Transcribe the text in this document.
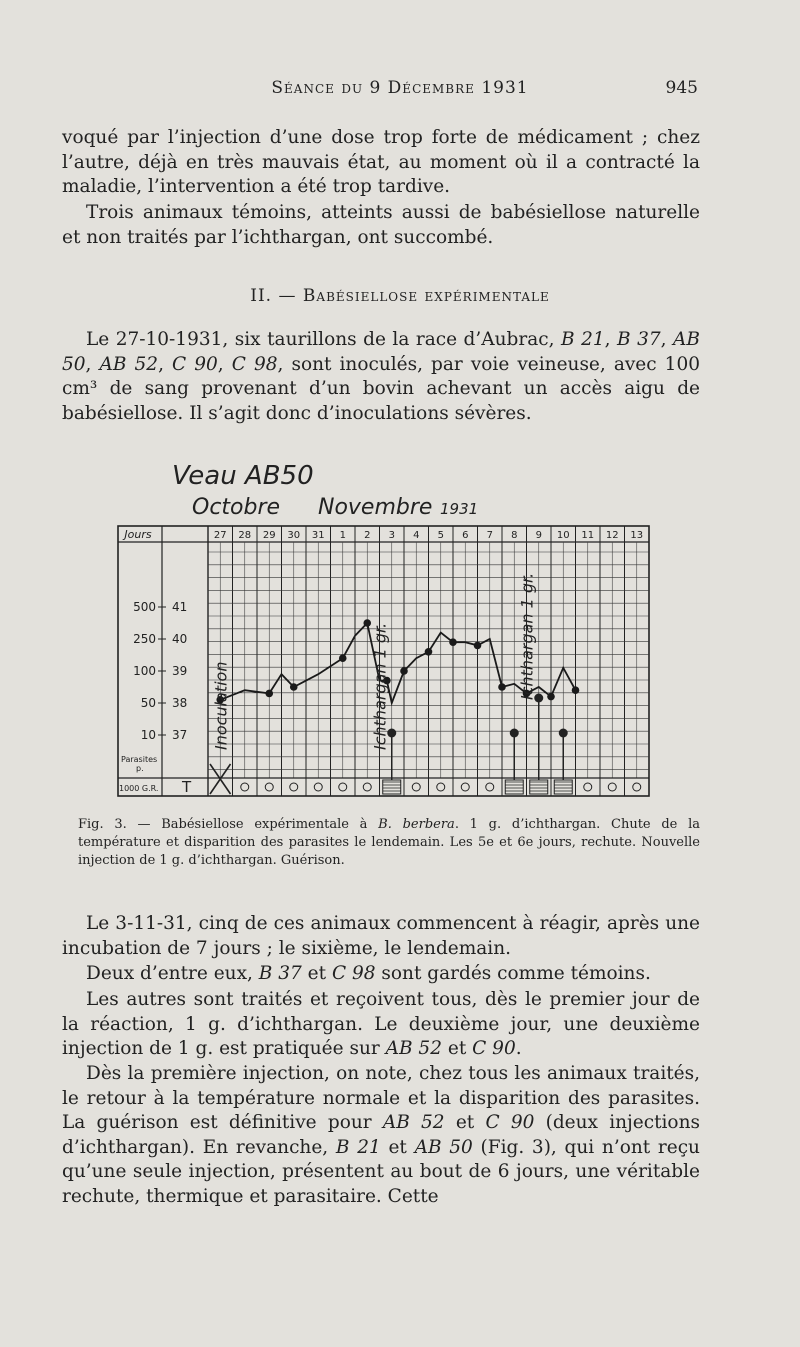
Séance du 9 Décembre 1931	945

voqué par l’injection d’une dose trop forte de médicament ; chez l’autre, déjà en très mauvais état, au moment où il a contracté la maladie, l’intervention a été trop tardive.

Trois animaux témoins, atteints aussi de babésiellose naturelle et non traités par l’ichthargan, ont succombé.

II. — Babésiellose expérimentale

Le 27-10-1931, six taurillons de la race d’Aubrac, B 21, B 37, AB 50, AB 52, C 90, C 98, sont inoculés, par voie veineuse, avec 100 cm³ de sang provenant d’un bovin achevant un accès aigu de babésiellose. Il s’agit donc d’inoculations sévères.

Veau AB50
Octobre Novembre 1931
27 28 29 30 31 1 2 3 4 5 6 7 8 9 10 11 12 13
Jours
500
250
100
50
10
41
40
39
38
37
Parasites
p.
1000 G.R. T
Inoculation	Ichthargan 1 gr.	Ichthargan 1 gr.

Fig. 3. — Babésiellose expérimentale à B. berbera. 1 g. d’ichthargan. Chute de la température et disparition des parasites le lendemain. Les 5e et 6e jours, rechute. Nouvelle injection de 1 g. d’ichthargan. Guérison.

Le 3-11-31, cinq de ces animaux commencent à réagir, après une incubation de 7 jours ; le sixième, le lendemain.

Deux d’entre eux, B 37 et C 98 sont gardés comme témoins.

Les autres sont traités et reçoivent tous, dès le premier jour de la réaction, 1 g. d’ichthargan. Le deuxième jour, une deuxième injection de 1 g. est pratiquée sur AB 52 et C 90.

Dès la première injection, on note, chez tous les animaux traités, le retour à la température normale et la disparition des parasites. La guérison est définitive pour AB 52 et C 90 (deux injections d’ichthargan). En revanche, B 21 et AB 50 (Fig. 3), qui n’ont reçu qu’une seule injection, présentent au bout de 6 jours, une véritable rechute, thermique et parasitaire. Cette
